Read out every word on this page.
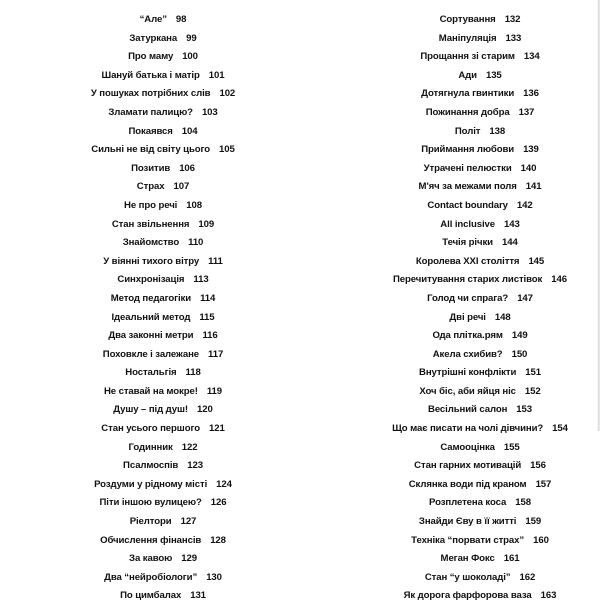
“Але” 98
Затуркана 99
Про маму 100
Шануй батька і матір 101
У пошуках потрібних слів 102
Зламати палицю? 103
Покаявся 104
Сильні не від світу цього 105
Позитив 106
Страх 107
Не про речі 108
Стан звільнення 109
Знайомство 110
У віянні тихого вітру 111
Синхронізація 113
Метод педагогіки 114
Ідеальний метод 115
Два законні метри 116
Поховкле і залежане 117
Ностальгія 118
Не ставай на мокре! 119
Душу – під душ! 120
Стан усього першого 121
Годинник 122
Псалмоспів 123
Роздуми у рідному місті 124
Піти іншою вулицею? 126
Ріелтори 127
Обчислення фінансів 128
За кавою 129
Два “нейробіологи” 130
По цимбалах 131
Сортування 132
Маніпуляція 133
Прощання зі старим 134
Ади 135
Дотягнула гвинтики 136
Пожинання добра 137
Політ 138
Приймання любови 139
Утрачені пелюстки 140
М'яч за межами поля 141
Contact boundary 142
All inclusive 143
Течія річки 144
Королева XXI століття 145
Перечитування старих листівок 146
Голод чи спрага? 147
Дві речі 148
Ода плітка.рям 149
Акела схибив? 150
Внутрішні конфлікти 151
Хоч біс, аби яйця ніс 152
Весільний салон 153
Що має писати на чолі дівчини? 154
Самооцінка 155
Стан гарних мотивацій 156
Склянка води під краном 157
Розплетена коса 158
Знайди Єву в її житті 159
Техніка “порвати страх” 160
Меган Фокс 161
Стан “у шоколаді” 162
Як дорога фарфорова ваза 163
